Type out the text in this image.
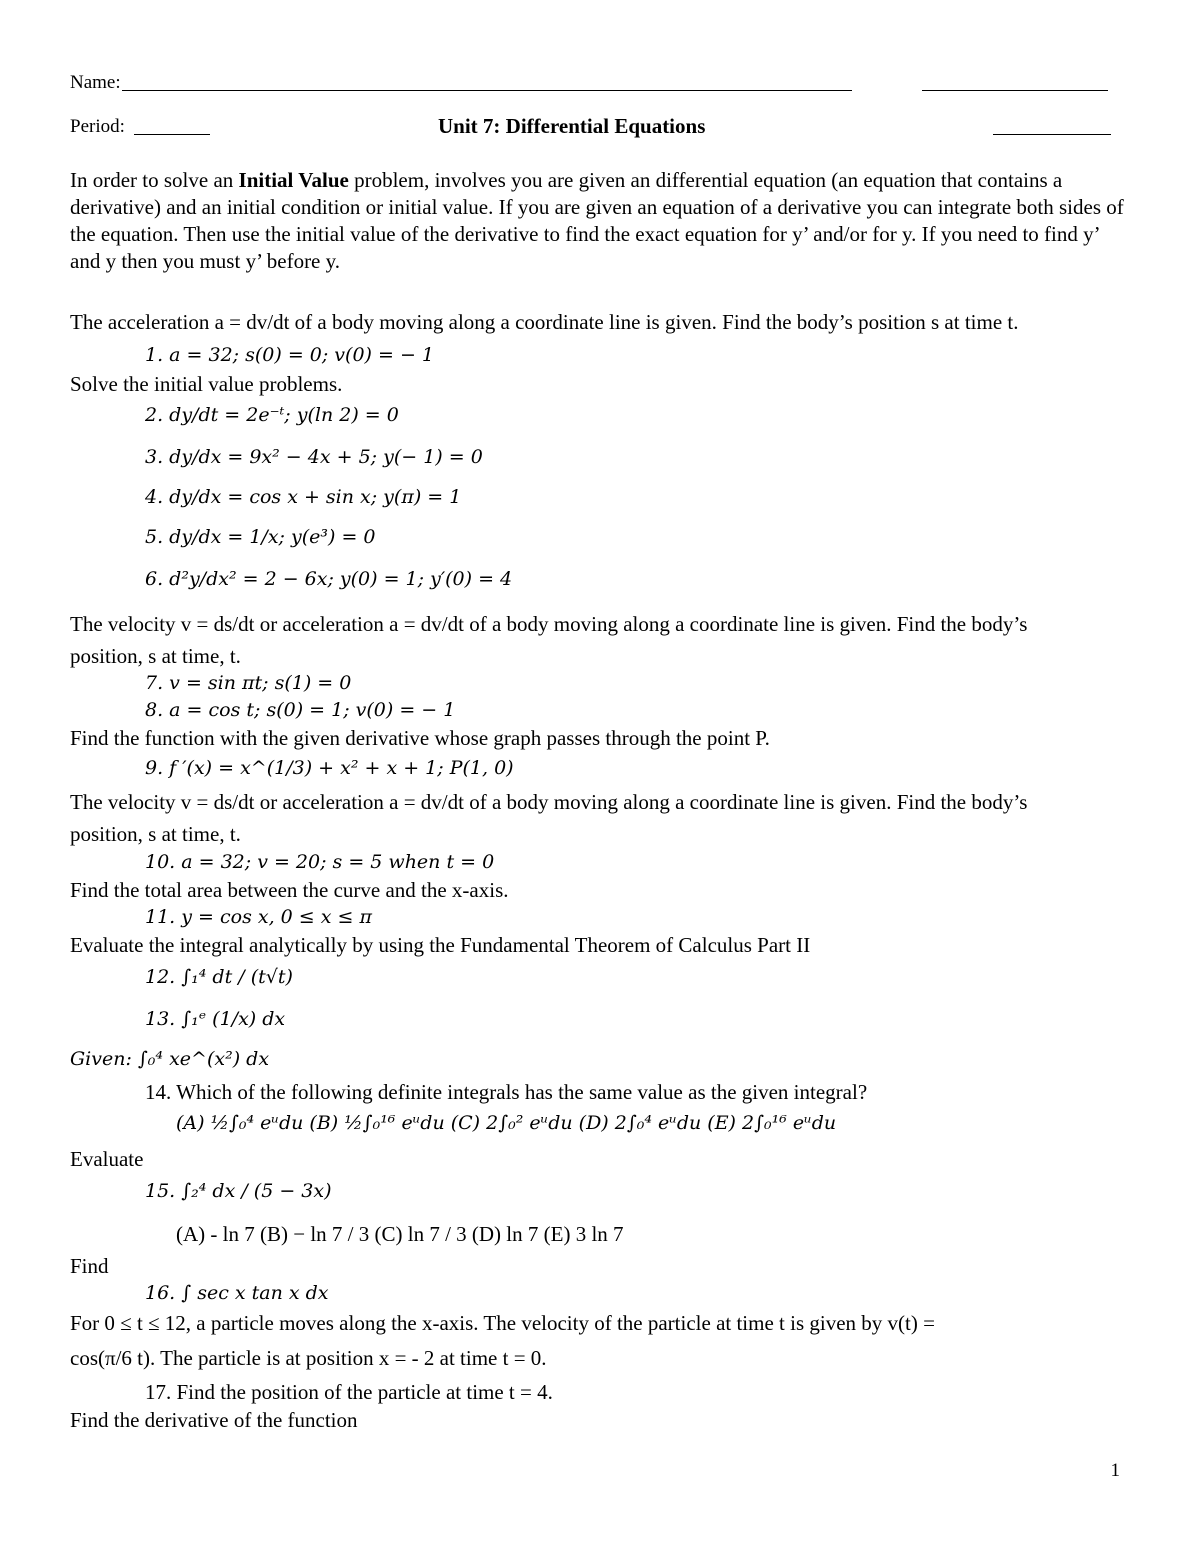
Name:
Period:	Unit 7: Differential Equations
In order to solve an Initial Value problem, involves you are given an differential equation (an equation that contains a derivative) and an initial condition or initial value. If you are given an equation of a derivative you can integrate both sides of the equation. Then use the initial value of the derivative to find the exact equation for y’ and/or for y. If you need to find y’ and y then you must y’ before y.
The acceleration a = dv/dt of a body moving along a coordinate line is given. Find the body’s position s at time t.
1. a = 32; s(0) = 0; v(0) = − 1
Solve the initial value problems.
2. dy/dt = 2e⁻ᵗ; y(ln 2) = 0
3. dy/dx = 9x² − 4x + 5; y(− 1) = 0
4. dy/dx = cos x + sin x; y(π) = 1
5. dy/dx = 1/x; y(e³) = 0
6. d²y/dx² = 2 − 6x; y(0) = 1; y′(0) = 4
The velocity v = ds/dt or acceleration a = dv/dt of a body moving along a coordinate line is given. Find the body’s
position, s at time, t.
7. v = sin πt; s(1) = 0
8. a = cos t; s(0) = 1; v(0) = − 1
Find the function with the given derivative whose graph passes through the point P.
9. f ′(x) = x^(1/3) + x² + x + 1; P(1, 0)
The velocity v = ds/dt or acceleration a = dv/dt of a body moving along a coordinate line is given. Find the body’s
position, s at time, t.
10. a = 32; v = 20; s = 5 when t = 0
Find the total area between the curve and the x-axis.
11. y = cos x, 0 ≤ x ≤ π
Evaluate the integral analytically by using the Fundamental Theorem of Calculus Part II
12. ∫₁⁴ dt / (t√t)
13. ∫₁ᵉ (1/x) dx
Given: ∫₀⁴ xe^(x²) dx
14. Which of the following definite integrals has the same value as the given integral?
(A) ½∫₀⁴ eᵘdu (B) ½∫₀¹⁶ eᵘdu (C) 2∫₀² eᵘdu (D) 2∫₀⁴ eᵘdu (E) 2∫₀¹⁶ eᵘdu
Evaluate
15. ∫₂⁴ dx / (5 − 3x)
(A) - ln 7 (B) − ln 7 / 3 (C) ln 7 / 3 (D) ln 7 (E) 3 ln 7
Find
16. ∫ sec x tan x dx
For 0 ≤ t ≤ 12, a particle moves along the x-axis. The velocity of the particle at time t is given by v(t) =
cos(π/6 t). The particle is at position x = - 2 at time t = 0.
17. Find the position of the particle at time t = 4.
Find the derivative of the function
1
